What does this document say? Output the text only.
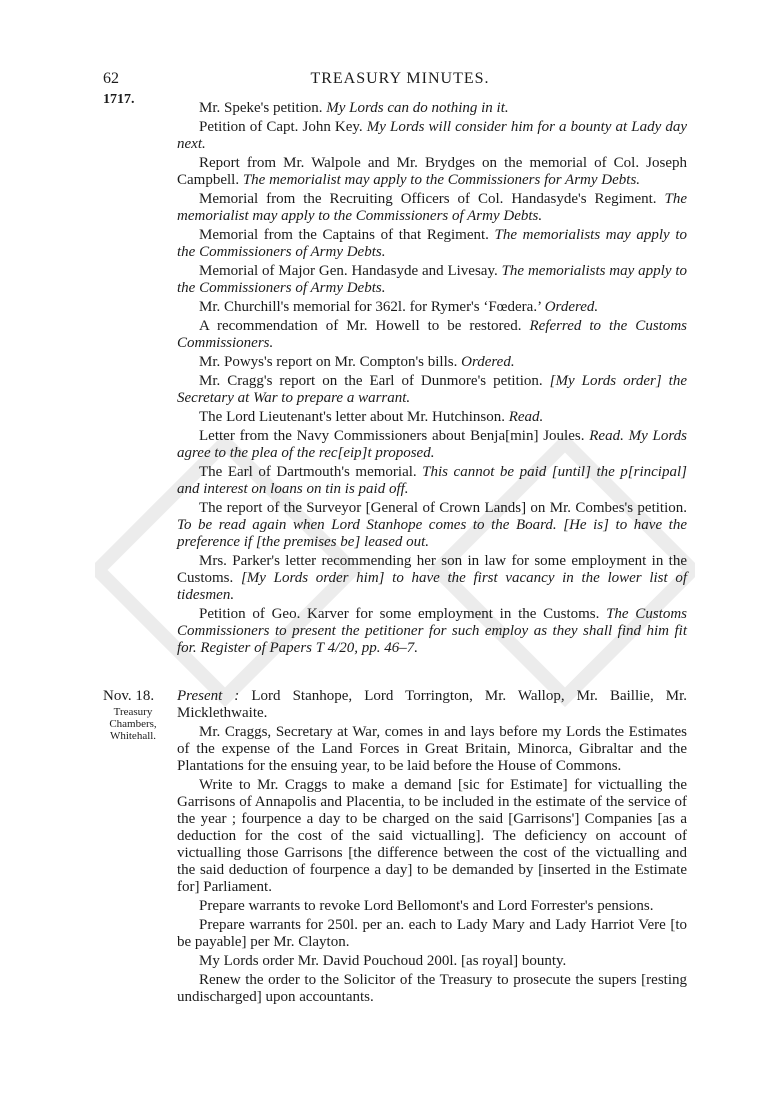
62	TREASURY MINUTES.
1717.

Mr. Speke's petition. My Lords can do nothing in it.

Petition of Capt. John Key. My Lords will consider him for a bounty at Lady day next.

Report from Mr. Walpole and Mr. Brydges on the memorial of Col. Joseph Campbell. The memorialist may apply to the Commissioners for Army Debts.

Memorial from the Recruiting Officers of Col. Handasyde's Regiment. The memorialist may apply to the Commissioners of Army Debts.

Memorial from the Captains of that Regiment. The memorialists may apply to the Commissioners of Army Debts.

Memorial of Major Gen. Handasyde and Livesay. The memorialists may apply to the Commissioners of Army Debts.

Mr. Churchill's memorial for 362l. for Rymer's ‘Fœdera.’ Ordered.

A recommendation of Mr. Howell to be restored. Referred to the Customs Commissioners.

Mr. Powys's report on Mr. Compton's bills. Ordered.

Mr. Cragg's report on the Earl of Dunmore's petition. [My Lords order] the Secretary at War to prepare a warrant.

The Lord Lieutenant's letter about Mr. Hutchinson. Read.

Letter from the Navy Commissioners about Benja[min] Joules. Read. My Lords agree to the plea of the rec[eip]t proposed.

The Earl of Dartmouth's memorial. This cannot be paid [until] the p[rincipal] and interest on loans on tin is paid off.

The report of the Surveyor [General of Crown Lands] on Mr. Combes's petition. To be read again when Lord Stanhope comes to the Board. [He is] to have the preference if [the premises be] leased out.

Mrs. Parker's letter recommending her son in law for some employment in the Customs. [My Lords order him] to have the first vacancy in the lower list of tidesmen.

Petition of Geo. Karver for some employment in the Customs. The Customs Commissioners to present the petitioner for such employ as they shall find him fit for. Register of Papers T 4/20, pp. 46–7.

Nov. 18.
Treasury Chambers, Whitehall.

Present : Lord Stanhope, Lord Torrington, Mr. Wallop, Mr. Baillie, Mr. Micklethwaite.

Mr. Craggs, Secretary at War, comes in and lays before my Lords the Estimates of the expense of the Land Forces in Great Britain, Minorca, Gibraltar and the Plantations for the ensuing year, to be laid before the House of Commons.

Write to Mr. Craggs to make a demand [sic for Estimate] for victualling the Garrisons of Annapolis and Placentia, to be included in the estimate of the service of the year ; fourpence a day to be charged on the said [Garrisons'] Companies [as a deduction for the cost of the said victualling]. The deficiency on account of victualling those Garrisons [the difference between the cost of the victualling and the said deduction of fourpence a day] to be demanded by [inserted in the Estimate for] Parliament.

Prepare warrants to revoke Lord Bellomont's and Lord Forrester's pensions.

Prepare warrants for 250l. per an. each to Lady Mary and Lady Harriot Vere [to be payable] per Mr. Clayton.

My Lords order Mr. David Pouchoud 200l. [as royal] bounty.

Renew the order to the Solicitor of the Treasury to prosecute the supers [resting undischarged] upon accountants.
